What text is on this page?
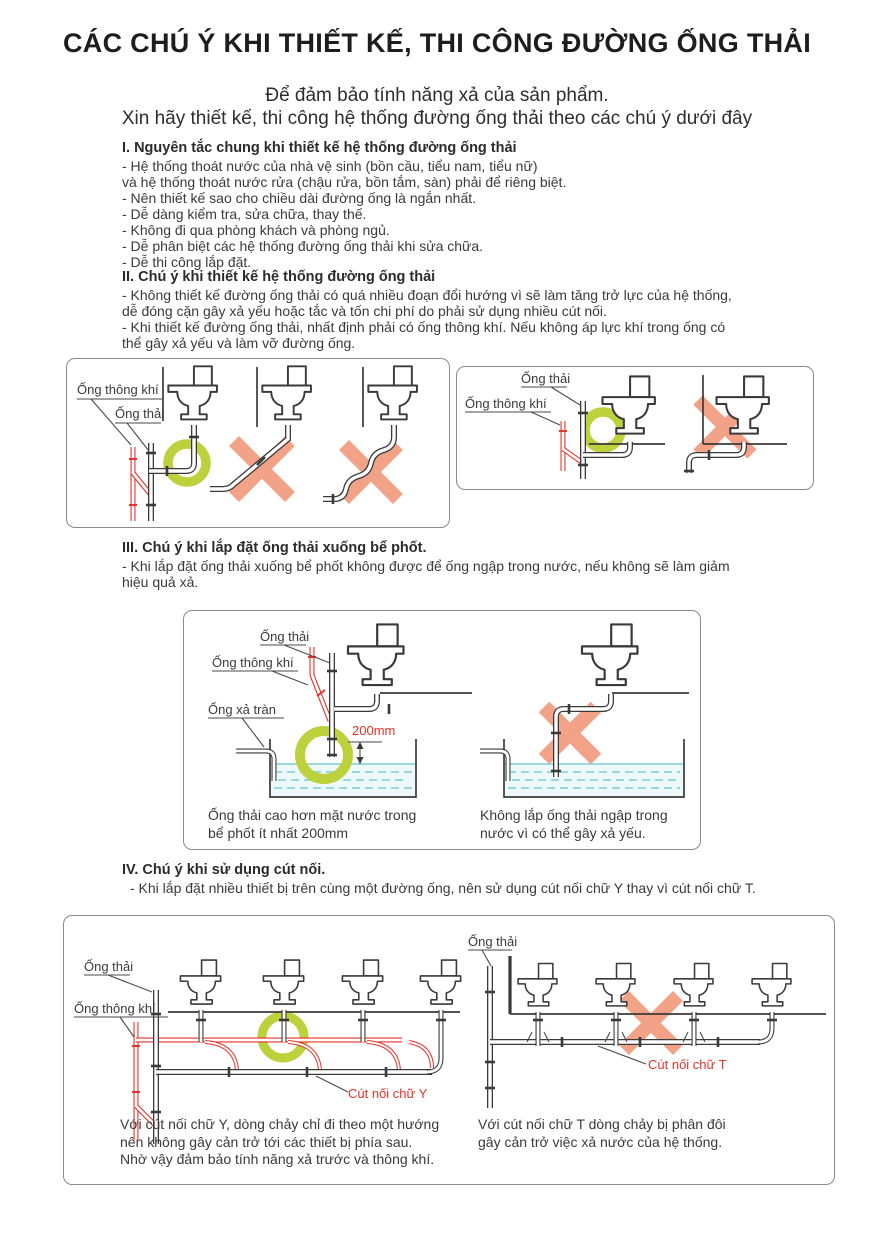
CÁC CHÚ Ý KHI THIẾT KẾ, THI CÔNG ĐƯỜNG ỐNG THẢI
Để đảm bảo tính năng xả của sản phẩm.
Xin hãy thiết kế, thi công hệ thống đường ống thải theo các chú ý dưới đây
I. Nguyên tắc chung khi thiết kế hệ thống đường ống thải
- Hệ thống thoát nước của nhà vệ sinh (bồn cầu, tiểu nam, tiểu nữ)
và hệ thống thoát nước rửa (chậu rửa, bồn tắm, sàn) phải để riêng biệt.
- Nên thiết kế sao cho chiều dài đường ống là ngắn nhất.
- Dễ dàng kiểm tra, sửa chữa, thay thế.
- Không đi qua phòng khách và phòng ngủ.
- Dễ phân biệt các hệ thống đường ống thải khi sửa chữa.
- Dễ thi công lắp đặt.
II. Chú ý khi thiết kế hệ thống đường ống thải
- Không thiết kế đường ống thải có quá nhiều đoạn đổi hướng vì sẽ làm tăng trở lực của hệ thống,
dễ đóng cặn gây xả yếu hoặc tắc và tốn chi phí do phải sử dụng nhiều cút nối.
- Khi thiết kế đường ống thải, nhất định phải có ống thông khí. Nếu không áp lực khí trong ống có
thể gây xả yếu và làm vỡ đường ống.
Ống thông khí
Ống thải
Ống thải
Ống thông khí
III. Chú ý khi lắp đặt ống thải xuống bể phốt.
- Khi lắp đặt ống thải xuống bể phốt không được để ống ngập trong nước, nếu không sẽ làm giảm
hiệu quả xả.
200mm
Ống thải
Ống thông khí
Ống xả tràn
Ống thải cao hơn mặt nước trong
bể phốt ít nhất 200mm
Không lắp ống thải ngập trong
nước vì có thể gây xả yếu.
IV. Chú ý khi sử dụng cút nối.
- Khi lắp đặt nhiều thiết bị trên cùng một đường ống, nên sử dụng cút nối chữ Y thay vì cút nối chữ T.
Ống thải
Ống thông khí
Cút nối chữ Y
Ống thải
Cút nối chữ T
Với cút nối chữ Y, dòng chảy chỉ đi theo một hướng
nên không gây cản trở tới các thiết bị phía sau.
Nhờ vậy đảm bảo tính năng xả trước và thông khí.
Với cút nối chữ T dòng chảy bị phân đôi
gây cản trở việc xả nước của hệ thống.
